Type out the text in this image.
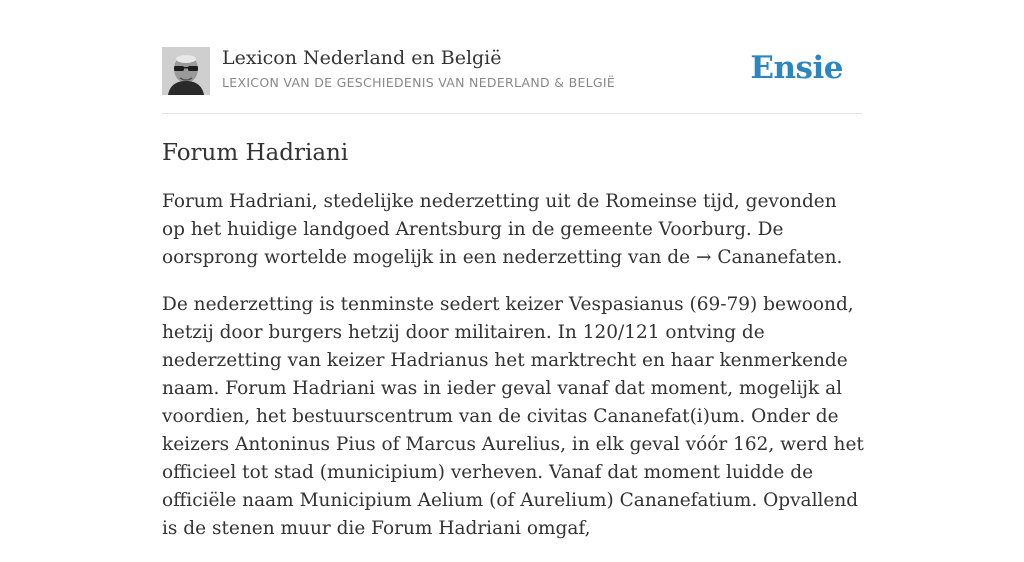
Lexicon Nederland en België
LEXICON VAN DE GESCHIEDENIS VAN NEDERLAND & BELGIË	Ensie
Forum Hadriani

Forum Hadriani, stedelijke nederzetting uit de Romeinse tijd, gevonden op het huidige landgoed Arentsburg in de gemeente Voorburg. De oorsprong wortelde mogelijk in een nederzetting van de → Cananefaten.

De nederzetting is tenminste sedert keizer Vespasianus (69-79) bewoond, hetzij door burgers hetzij door militairen. In 120/121 ontving de nederzetting van keizer Hadrianus het marktrecht en haar kenmerkende naam. Forum Hadriani was in ieder geval vanaf dat moment, mogelijk al voordien, het bestuurscentrum van de civitas Cananefat(i)um. Onder de keizers Antoninus Pius of Marcus Aurelius, in elk geval vóór 162, werd het officieel tot stad (municipium) verheven. Vanaf dat moment luidde de officiële naam Municipium Aelium (of Aurelium) Cananefatium. Opvallend is de stenen muur die Forum Hadriani omgaf,
